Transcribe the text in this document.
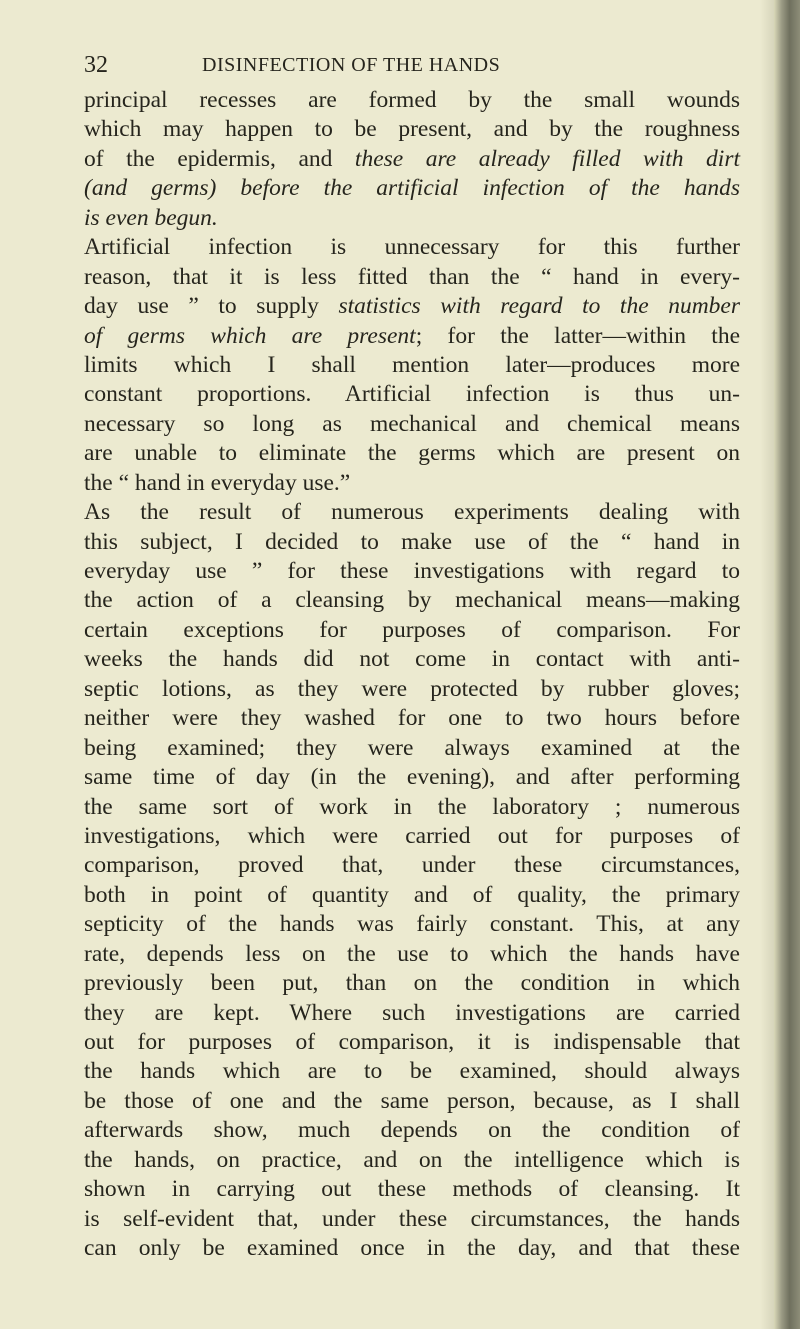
32	DISINFECTION OF THE HANDS
principal recesses are formed by the small wounds
which may happen to be present, and by the roughness
of the epidermis, and these are already filled with dirt
(and germs) before the artificial infection of the hands
is even begun.
Artificial infection is unnecessary for this further
reason, that it is less fitted than the “ hand in every-
day use ” to supply statistics with regard to the number
of germs which are present; for the latter—within the
limits which I shall mention later—produces more
constant proportions. Artificial infection is thus un-
necessary so long as mechanical and chemical means
are unable to eliminate the germs which are present on
the “ hand in everyday use.”
As the result of numerous experiments dealing with
this subject, I decided to make use of the “ hand in
everyday use ” for these investigations with regard to
the action of a cleansing by mechanical means—making
certain exceptions for purposes of comparison. For
weeks the hands did not come in contact with anti-
septic lotions, as they were protected by rubber gloves;
neither were they washed for one to two hours before
being examined; they were always examined at the
same time of day (in the evening), and after performing
the same sort of work in the laboratory ; numerous
investigations, which were carried out for purposes of
comparison, proved that, under these circumstances,
both in point of quantity and of quality, the primary
septicity of the hands was fairly constant. This, at any
rate, depends less on the use to which the hands have
previously been put, than on the condition in which
they are kept. Where such investigations are carried
out for purposes of comparison, it is indispensable that
the hands which are to be examined, should always
be those of one and the same person, because, as I shall
afterwards show, much depends on the condition of
the hands, on practice, and on the intelligence which is
shown in carrying out these methods of cleansing. It
is self-evident that, under these circumstances, the hands
can only be examined once in the day, and that these
